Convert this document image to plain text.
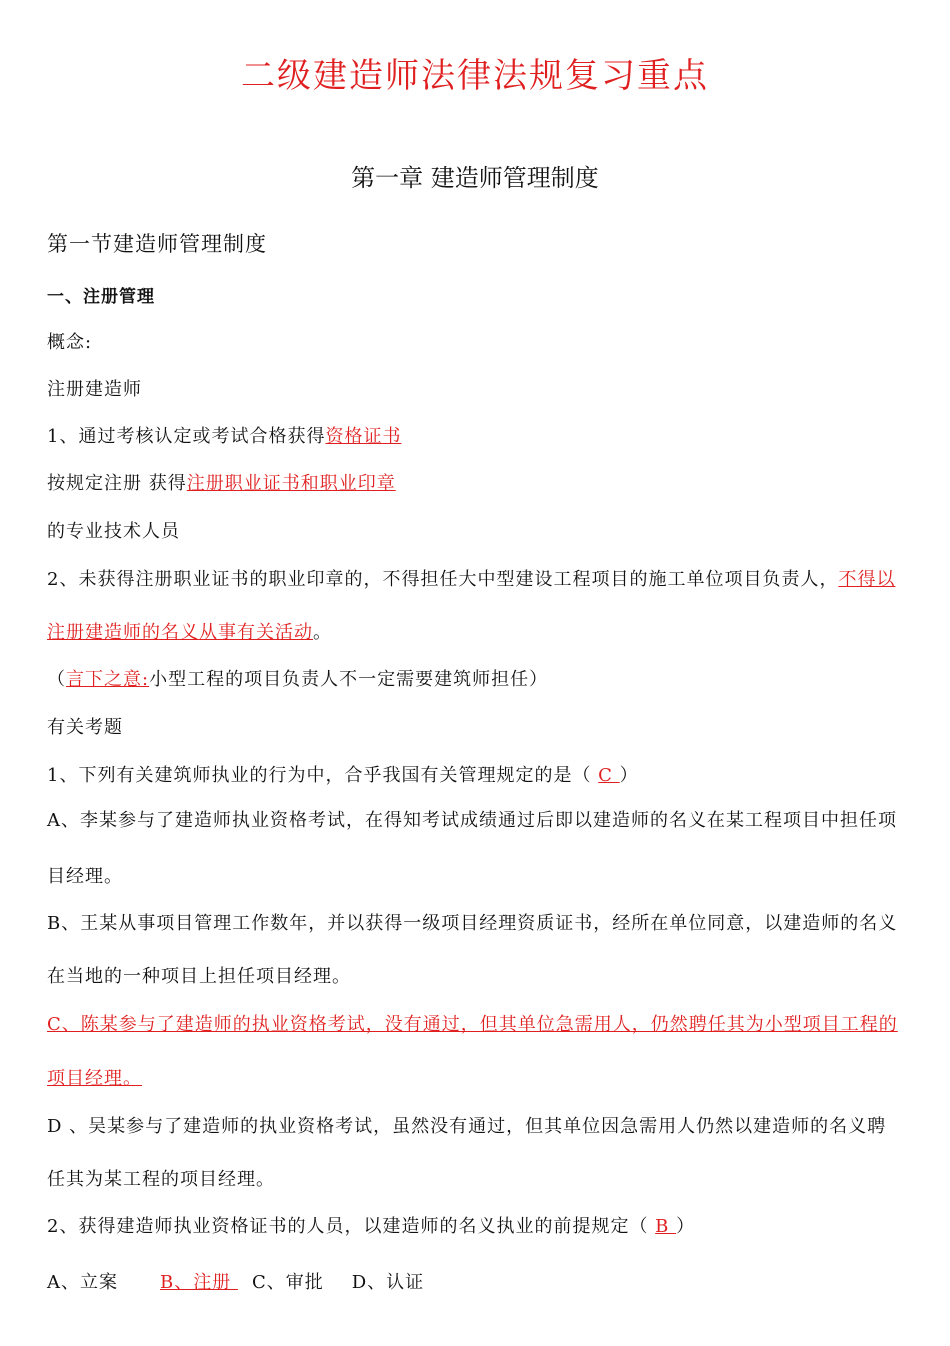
二级建造师法律法规复习重点
第一章 建造师管理制度
第一节建造师管理制度
一、注册管理
概念:
注册建造师
1、通过考核认定或考试合格获得资格证书
按规定注册 获得注册职业证书和职业印章
的专业技术人员
2、未获得注册职业证书的职业印章的，不得担任大中型建设工程项目的施工单位项目负责人，不得以
注册建造师的名义从事有关活动。
（言下之意:小型工程的项目负责人不一定需要建筑师担任）
有关考题
1、下列有关建筑师执业的行为中，合乎我国有关管理规定的是（ C ）
A、李某参与了建造师执业资格考试，在得知考试成绩通过后即以建造师的名义在某工程项目中担任项
目经理。
B、王某从事项目管理工作数年，并以获得一级项目经理资质证书，经所在单位同意，以建造师的名义
在当地的一种项目上担任项目经理。
C、陈某参与了建造师的执业资格考试，没有通过，但其单位急需用人，仍然聘任其为小型项目工程的
项目经理。
D 、吴某参与了建造师的执业资格考试，虽然没有通过，但其单位因急需用人仍然以建造师的名义聘
任其为某工程的项目经理。
2、获得建造师执业资格证书的人员，以建造师的名义执业的前提规定（ B ）
A、立案 B、注册 C、审批 D、认证
